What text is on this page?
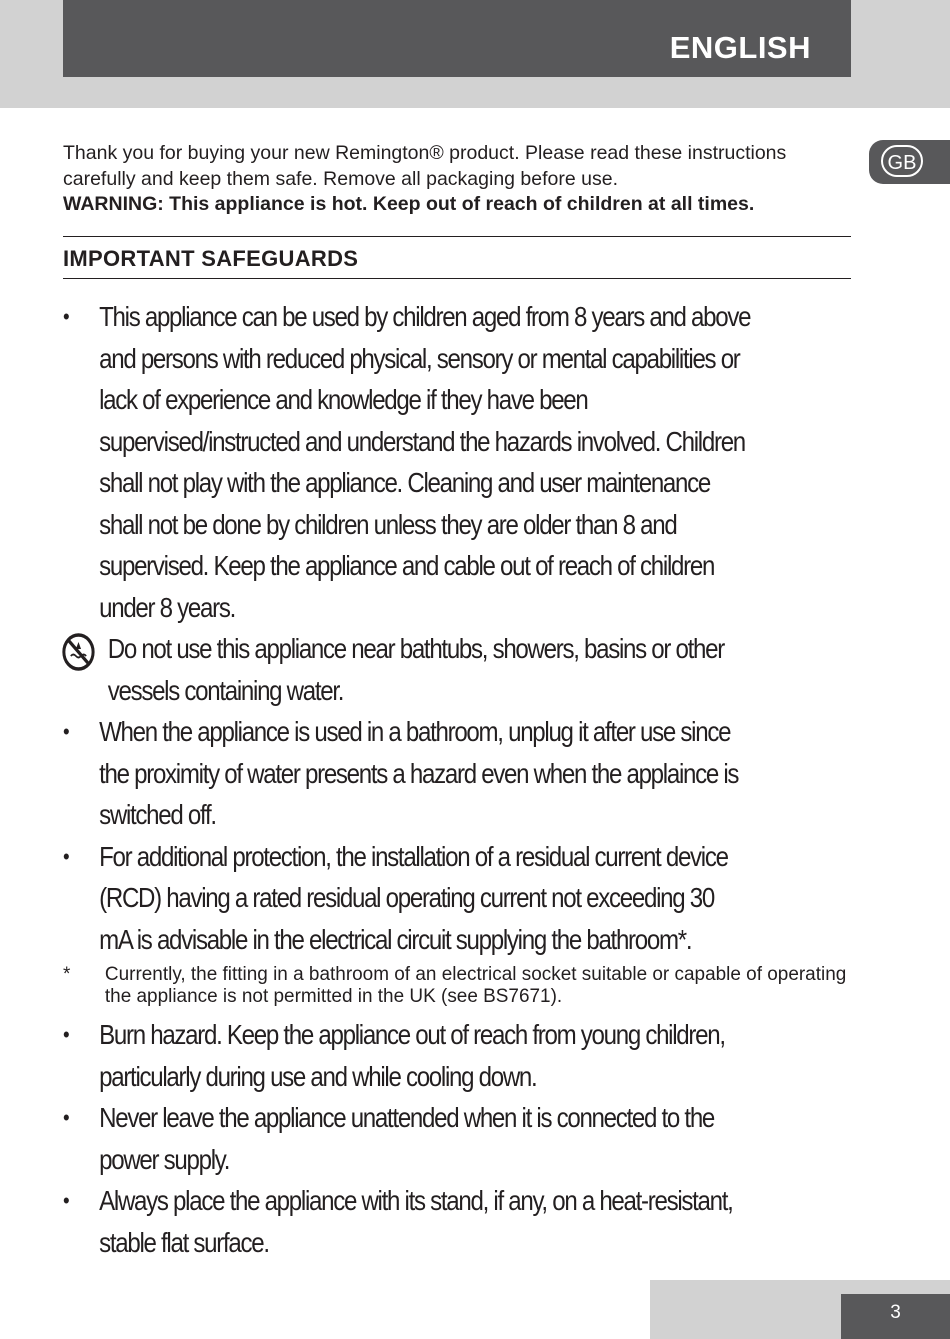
ENGLISH
GB
Thank you for buying your new Remington® product. Please read these instructions carefully and keep them safe. Remove all packaging before use.
WARNING: This appliance is hot. Keep out of reach of children at all times.
IMPORTANT SAFEGUARDS
• This appliance can be used by children aged from 8 years and above and persons with reduced physical, sensory or mental capabilities or lack of experience and knowledge if they have been supervised/instructed and understand the hazards involved. Children shall not play with the appliance. Cleaning and user maintenance shall not be done by children unless they are older than 8 and supervised. Keep the appliance and cable out of reach of children under 8 years.
Do not use this appliance near bathtubs, showers, basins or other vessels containing water.
• When the appliance is used in a bathroom, unplug it after use since the proximity of water presents a hazard even when the applaince is switched off.
• For additional protection, the installation of a residual current device (RCD) having a rated residual operating current not exceeding 30 mA is advisable in the electrical circuit supplying the bathroom*.
* Currently, the fitting in a bathroom of an electrical socket suitable or capable of operating the appliance is not permitted in the UK (see BS7671).
• Burn hazard. Keep the appliance out of reach from young children, particularly during use and while cooling down.
• Never leave the appliance unattended when it is connected to the power supply.
• Always place the appliance with its stand, if any, on a heat-resistant, stable flat surface.
3
